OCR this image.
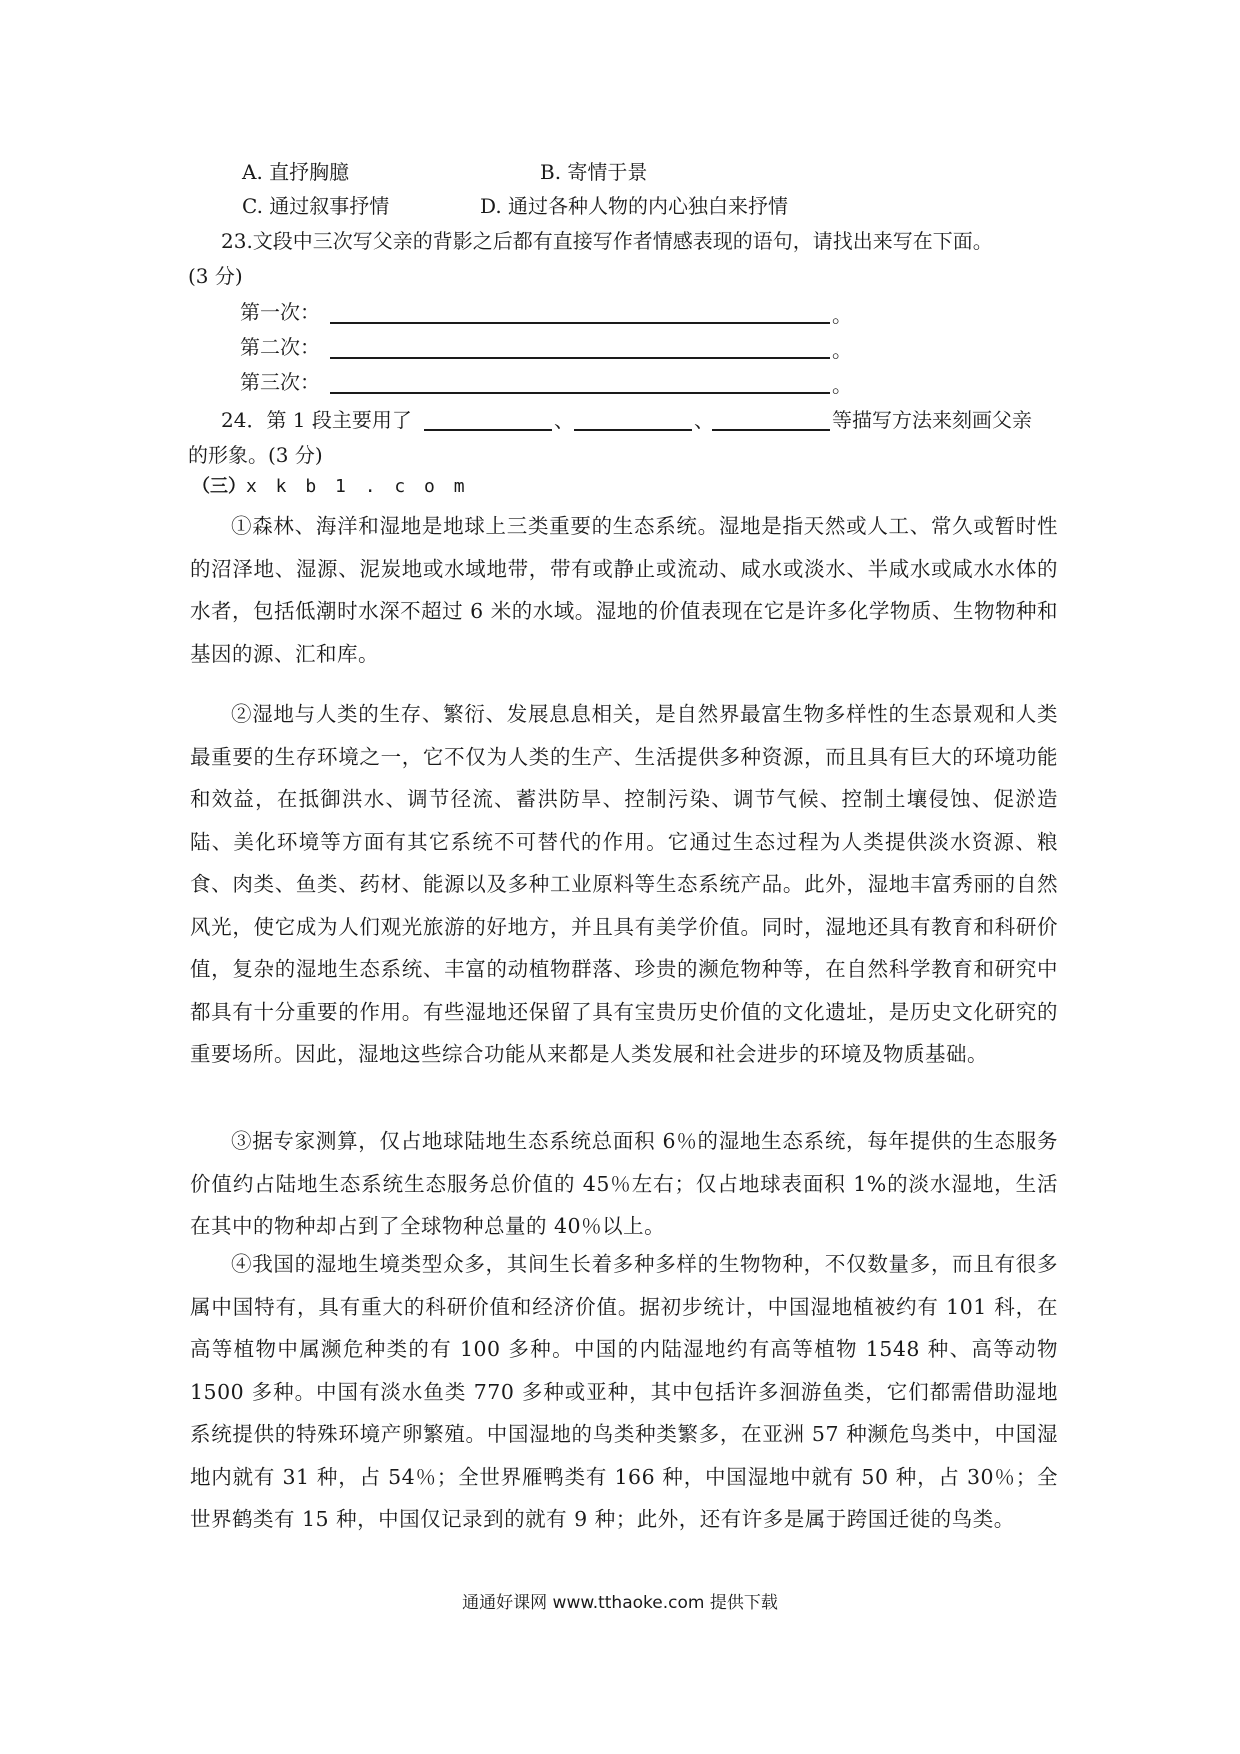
A. 直抒胸臆	B. 寄情于景
C. 通过叙事抒情	D. 通过各种人物的内心独白来抒情
23.文段中三次写父亲的背影之后都有直接写作者情感表现的语句，请找出来写在下面。
(3 分)
第一次：	。
第二次：	。
第三次：	。
24．第 1 段主要用了	、	、	等描写方法来刻画父亲
的形象。(3 分)
（三）x k b 1 . c o m

①森林、海洋和湿地是地球上三类重要的生态系统。湿地是指天然或人工、常久或暂时性的沼泽地、湿源、泥炭地或水域地带，带有或静止或流动、咸水或淡水、半咸水或咸水水体的水者，包括低潮时水深不超过 6 米的水域。湿地的价值表现在它是许多化学物质、生物物种和基因的源、汇和库。

②湿地与人类的生存、繁衍、发展息息相关，是自然界最富生物多样性的生态景观和人类最重要的生存环境之一，它不仅为人类的生产、生活提供多种资源，而且具有巨大的环境功能和效益，在抵御洪水、调节径流、蓄洪防旱、控制污染、调节气候、控制土壤侵蚀、促淤造陆、美化环境等方面有其它系统不可替代的作用。它通过生态过程为人类提供淡水资源、粮食、肉类、鱼类、药材、能源以及多种工业原料等生态系统产品。此外，湿地丰富秀丽的自然风光，使它成为人们观光旅游的好地方，并且具有美学价值。同时，湿地还具有教育和科研价值，复杂的湿地生态系统、丰富的动植物群落、珍贵的濒危物种等，在自然科学教育和研究中都具有十分重要的作用。有些湿地还保留了具有宝贵历史价值的文化遗址，是历史文化研究的重要场所。因此，湿地这些综合功能从来都是人类发展和社会进步的环境及物质基础。

③据专家测算，仅占地球陆地生态系统总面积 6％的湿地生态系统，每年提供的生态服务价值约占陆地生态系统生态服务总价值的 45％左右；仅占地球表面积 1%的淡水湿地，生活在其中的物种却占到了全球物种总量的 40％以上。

④我国的湿地生境类型众多，其间生长着多种多样的生物物种，不仅数量多，而且有很多属中国特有，具有重大的科研价值和经济价值。据初步统计，中国湿地植被约有 101 科，在高等植物中属濒危种类的有 100 多种。中国的内陆湿地约有高等植物 1548 种、高等动物 1500 多种。中国有淡水鱼类 770 多种或亚种，其中包括许多洄游鱼类，它们都需借助湿地系统提供的特殊环境产卵繁殖。中国湿地的鸟类种类繁多，在亚洲 57 种濒危鸟类中，中国湿地内就有 31 种，占 54％；全世界雁鸭类有 166 种，中国湿地中就有 50 种，占 30％；全世界鹤类有 15 种，中国仅记录到的就有 9 种；此外，还有许多是属于跨国迁徙的鸟类。

通通好课网 www.tthaoke.com 提供下载
